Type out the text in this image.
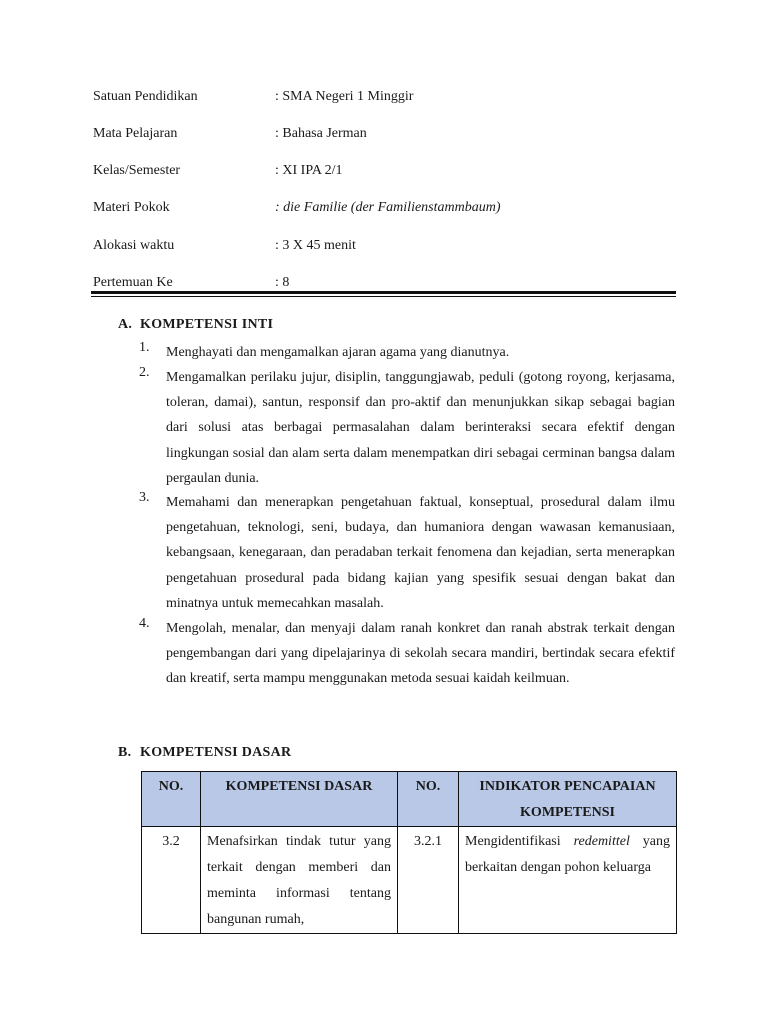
Satuan Pendidikan	: SMA Negeri 1 Minggir
Mata Pelajaran	: Bahasa Jerman
Kelas/Semester	: XI IPA 2/1
Materi Pokok	: die Familie (der Familienstammbaum)
Alokasi waktu	: 3 X 45 menit
Pertemuan Ke	: 8
A. KOMPETENSI INTI
1. Menghayati dan mengamalkan ajaran agama yang dianutnya.
2. Mengamalkan perilaku jujur, disiplin, tanggungjawab, peduli (gotong royong, kerjasama, toleran, damai), santun, responsif dan pro-aktif dan menunjukkan sikap sebagai bagian dari solusi atas berbagai permasalahan dalam berinteraksi secara efektif dengan lingkungan sosial dan alam serta dalam menempatkan diri sebagai cerminan bangsa dalam pergaulan dunia.
3. Memahami dan menerapkan pengetahuan faktual, konseptual, prosedural dalam ilmu pengetahuan, teknologi, seni, budaya, dan humaniora dengan wawasan kemanusiaan, kebangsaan, kenegaraan, dan peradaban terkait fenomena dan kejadian, serta menerapkan pengetahuan prosedural pada bidang kajian yang spesifik sesuai dengan bakat dan minatnya untuk memecahkan masalah.
4. Mengolah, menalar, dan menyaji dalam ranah konkret dan ranah abstrak terkait dengan pengembangan dari yang dipelajarinya di sekolah secara mandiri, bertindak secara efektif dan kreatif, serta mampu menggunakan metoda sesuai kaidah keilmuan.
B. KOMPETENSI DASAR
NO.	KOMPETENSI DASAR	NO.	INDIKATOR PENCAPAIAN KOMPETENSI
3.2	Menafsirkan tindak tutur yang terkait dengan memberi dan meminta informasi tentang bangunan rumah,	3.2.1	Mengidentifikasi redemittel yang berkaitan dengan pohon keluarga
